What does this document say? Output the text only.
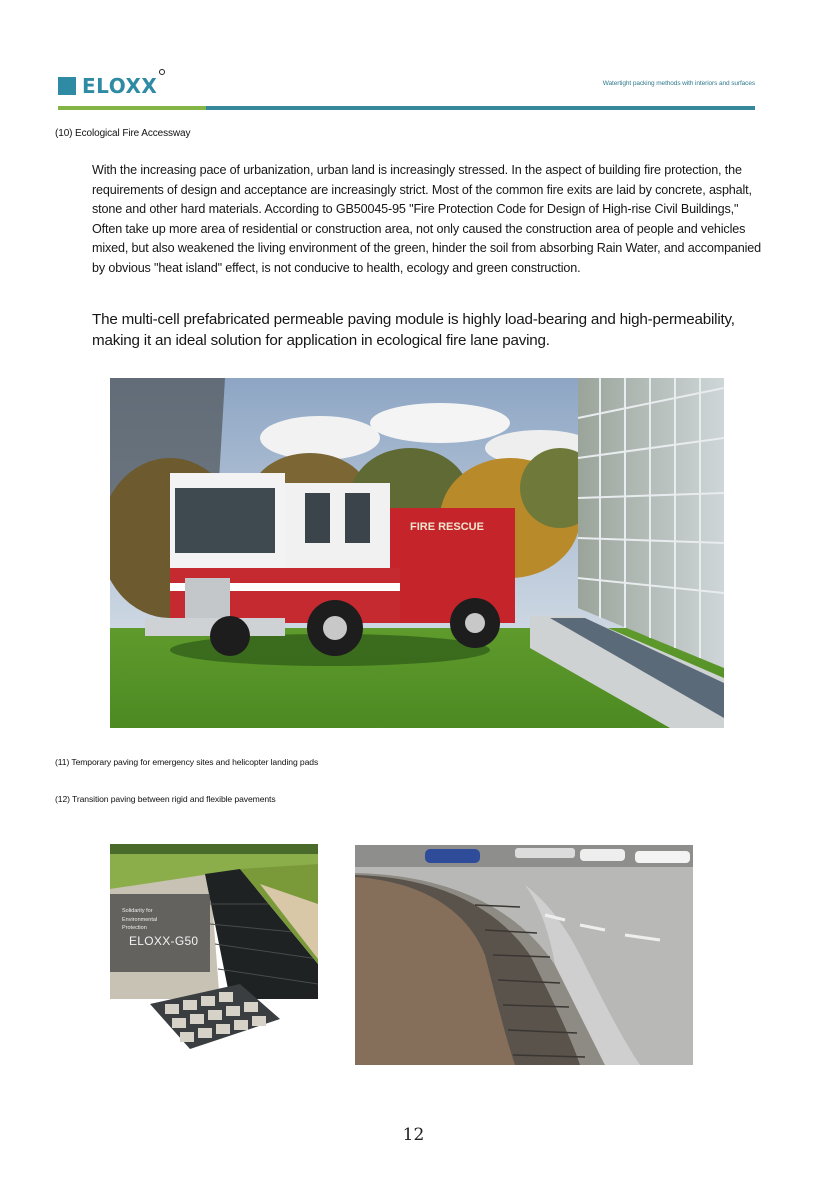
ELOXX	Watertight packing methods with interiors and surfaces
(10) Ecological Fire Accessway
With the increasing pace of urbanization, urban land is increasingly stressed. In the aspect of building fire protection, the requirements of design and acceptance are increasingly strict. Most of the common fire exits are laid by concrete, asphalt, stone and other hard materials. According to GB50045-95 "Fire Protection Code for Design of High-rise Civil Buildings," Often take up more area of residential or construction area, not only caused the construction area of people and vehicles mixed, but also weakened the living environment of the green, hinder the soil from absorbing Rain Water, and accompanied by obvious "heat island" effect, is not conducive to health, ecology and green construction.
The multi-cell prefabricated permeable paving module is highly load-bearing and high-permeability, making it an ideal solution for application in ecological fire lane paving.
FIRE RESCUE
(11) Temporary paving for emergency sites and helicopter landing pads
(12) Transition paving between rigid and flexible pavements
Solidarity for
Environmental
Protection
ELOXX-G50
12
